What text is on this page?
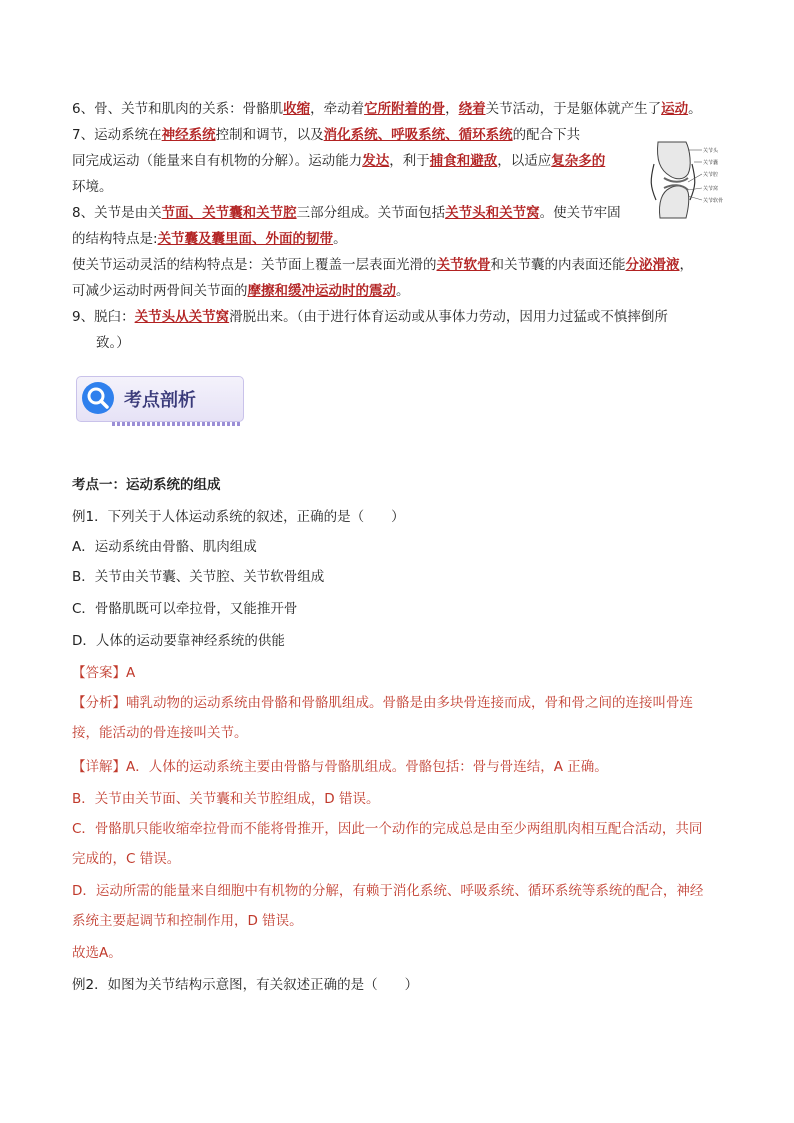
6、骨、关节和肌肉的关系：骨骼肌收缩，牵动着它所附着的骨，绕着关节活动，于是躯体就产生了运动。
7、运动系统在神经系统控制和调节，以及消化系统、呼吸系统、循环系统的配合下共
同完成运动（能量来自有机物的分解）。运动能力发达，利于捕食和避敌，以适应复杂多的
环境。
关节头
关节囊
关节腔
关节窝
关节软骨
8、关节是由关节面、关节囊和关节腔三部分组成。关节面包括关节头和关节窝。使关节牢固
的结构特点是:关节囊及囊里面、外面的韧带。
使关节运动灵活的结构特点是：关节面上覆盖一层表面光滑的关节软骨和关节囊的内表面还能分泌滑液，
可减少运动时两骨间关节面的摩擦和缓冲运动时的震动。
9、脱臼：关节头从关节窝滑脱出来。（由于进行体育运动或从事体力劳动，因用力过猛或不慎摔倒所
致。）
考点剖析
考点一：运动系统的组成
例1．下列关于人体运动系统的叙述，正确的是（　　）
A．运动系统由骨骼、肌肉组成
B．关节由关节囊、关节腔、关节软骨组成
C．骨骼肌既可以牵拉骨，又能推开骨
D．人体的运动要靠神经系统的供能
【答案】A
【分析】哺乳动物的运动系统由骨骼和骨骼肌组成。骨骼是由多块骨连接而成，骨和骨之间的连接叫骨连
接，能活动的骨连接叫关节。
【详解】A．人体的运动系统主要由骨骼与骨骼肌组成。骨骼包括：骨与骨连结，A 正确。
B．关节由关节面、关节囊和关节腔组成，D 错误。
C．骨骼肌只能收缩牵拉骨而不能将骨推开，因此一个动作的完成总是由至少两组肌肉相互配合活动，共同
完成的，C 错误。
D．运动所需的能量来自细胞中有机物的分解，有赖于消化系统、呼吸系统、循环系统等系统的配合，神经
系统主要起调节和控制作用，D 错误。
故选A。
例2．如图为关节结构示意图，有关叙述正确的是（　　）
